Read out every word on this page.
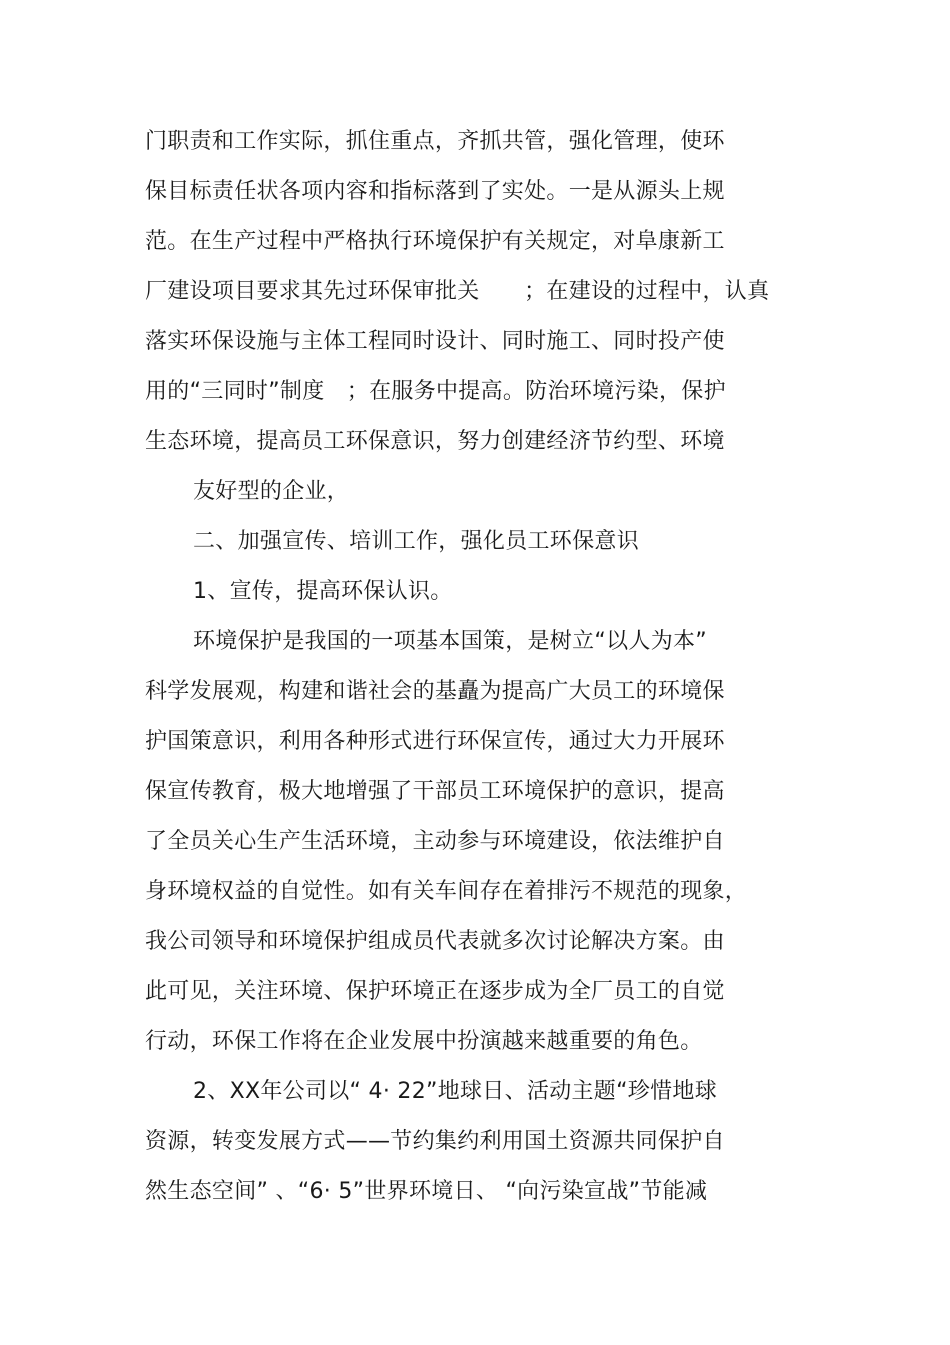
门职责和工作实际，抓住重点，齐抓共管，强化管理，使环
保目标责任状各项内容和指标落到了实处。一是从源头上规
范。在生产过程中严格执行环境保护有关规定，对阜康新工
厂建设项目要求其先过环保审批关　　；在建设的过程中，认真
落实环保设施与主体工程同时设计、同时施工、同时投产使
用的“三同时”制度　；在服务中提高。防治环境污染，保护
生态环境，提高员工环保意识，努力创建经济节约型、环境
友好型的企业，
二、加强宣传、培训工作，强化员工环保意识
1、宣传，提高环保认识。
环境保护是我国的一项基本国策，是树立“以人为本”
科学发展观，构建和谐社会的基矗为提高广大员工的环境保
护国策意识，利用各种形式进行环保宣传，通过大力开展环
保宣传教育，极大地增强了干部员工环境保护的意识，提高
了全员关心生产生活环境，主动参与环境建设，依法维护自
身环境权益的自觉性。如有关车间存在着排污不规范的现象，
我公司领导和环境保护组成员代表就多次讨论解决方案。由
此可见，关注环境、保护环境正在逐步成为全厂员工的自觉
行动，环保工作将在企业发展中扮演越来越重要的角色。
2、XX年公司以“ 4· 22”地球日、活动主题“珍惜地球
资源，转变发展方式——节约集约利用国土资源共同保护自
然生态空间” 、“6· 5”世界环境日、 “向污染宣战”节能减
